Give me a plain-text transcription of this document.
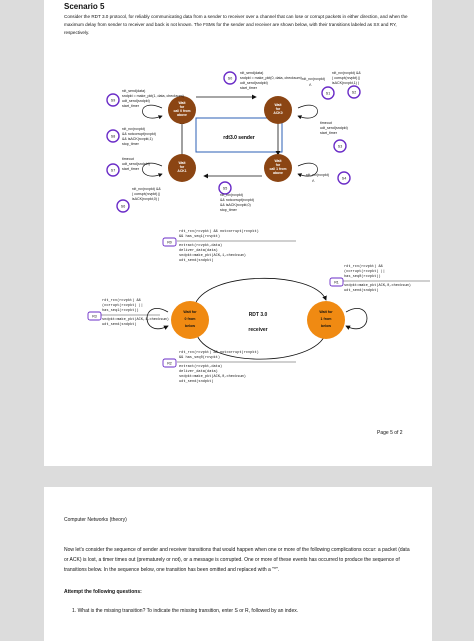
Scenario 5
Consider the RDT 3.0 protocol, for reliably communicating data from a sender to receiver over a channel that can lose or corrupt packets in either direction, and when the maximum delay from sender to receiver and back is not known. The FSMs for the sender and receiver are shown below, with their transitions labeled as SX and RY, respectively.
rdt3.0 sender
Wait
for
call 0 from
above
Wait
for
ACK0
Wait
for
ACK1
Wait
for
call 1 from
above
S0
S1	S2
S3
S4
S5
S6
S7
S8
S9
rdt_send(data)
sndpkt = make_pkt(0, data, checksum)
udt_send(sndpkt)
start_timer
rdt_rcv(rcvpkt)
Λ
rdt_rcv(rcvpkt) &&
( corrupt(rcvpkt) ||
isACK(rcvpkt,1) )
timeout
udt_send(sndpkt)
start_timer
rdt_rcv(rcvpkt)
Λ
rdt_rcv(rcvpkt)
&& notcorrupt(rcvpkt)
&& isACK(rcvpkt,0)
stop_timer
rdt_rcv(rcvpkt) &&
( corrupt(rcvpkt) ||
isACK(rcvpkt,0) )
timeout
udt_send(sndpkt)
start_timer
rdt_rcv(rcvpkt)
&& notcorrupt(rcvpkt)
&& isACK(rcvpkt,1)
stop_timer
rdt_send(data)
sndpkt = make_pkt(1, data, checksum)
udt_send(sndpkt)
start_timer
rdt_rcv(rcvpkt) && notcorrupt(rcvpkt)
&& has_seq1(rcvpkt)
extract(rcvpkt,data)
deliver_data(data)
sndpkt=make_pkt(ACK,1,checksum)
udt_send(sndpkt)
R0
Wait for
0 from
below
Wait for
1 from
below
RDT 3.0
receiver
rdt_rcv(rcvpkt) &&
(corrupt(rcvpkt) ||
has_seq0(rcvpkt))
sndpkt=make_pkt(ACK,0,checksum)
udt_send(sndpkt)
R1
rdt_rcv(rcvpkt) &&
(corrupt(rcvpkt) ||
has_seq1(rcvpkt))
sndpkt=make_pkt(ACK,1,checksum)
udt_send(sndpkt)
R3
rdt_rcv(rcvpkt) && notcorrupt(rcvpkt)
&& has_seq0(rcvpkt)
extract(rcvpkt,data)
deliver_data(data)
sndpkt=make_pkt(ACK,0,checksum)
udt_send(sndpkt)
R2
Page 5 of 2
Computer Networks (theory)
Now let's consider the sequence of sender and receiver transitions that would happen when one or more of the following complications occur: a packet (data or ACK) is lost, a timer times out (prematurely or not), or a message is corrupted. One or more of these events has occurred to produce the sequence of transitions below. In the sequence below, one transition has been omitted and replaced with a "*".
Attempt the following questions:
1. What is the missing transition? To indicate the missing transition, enter S or R, followed by an index.
